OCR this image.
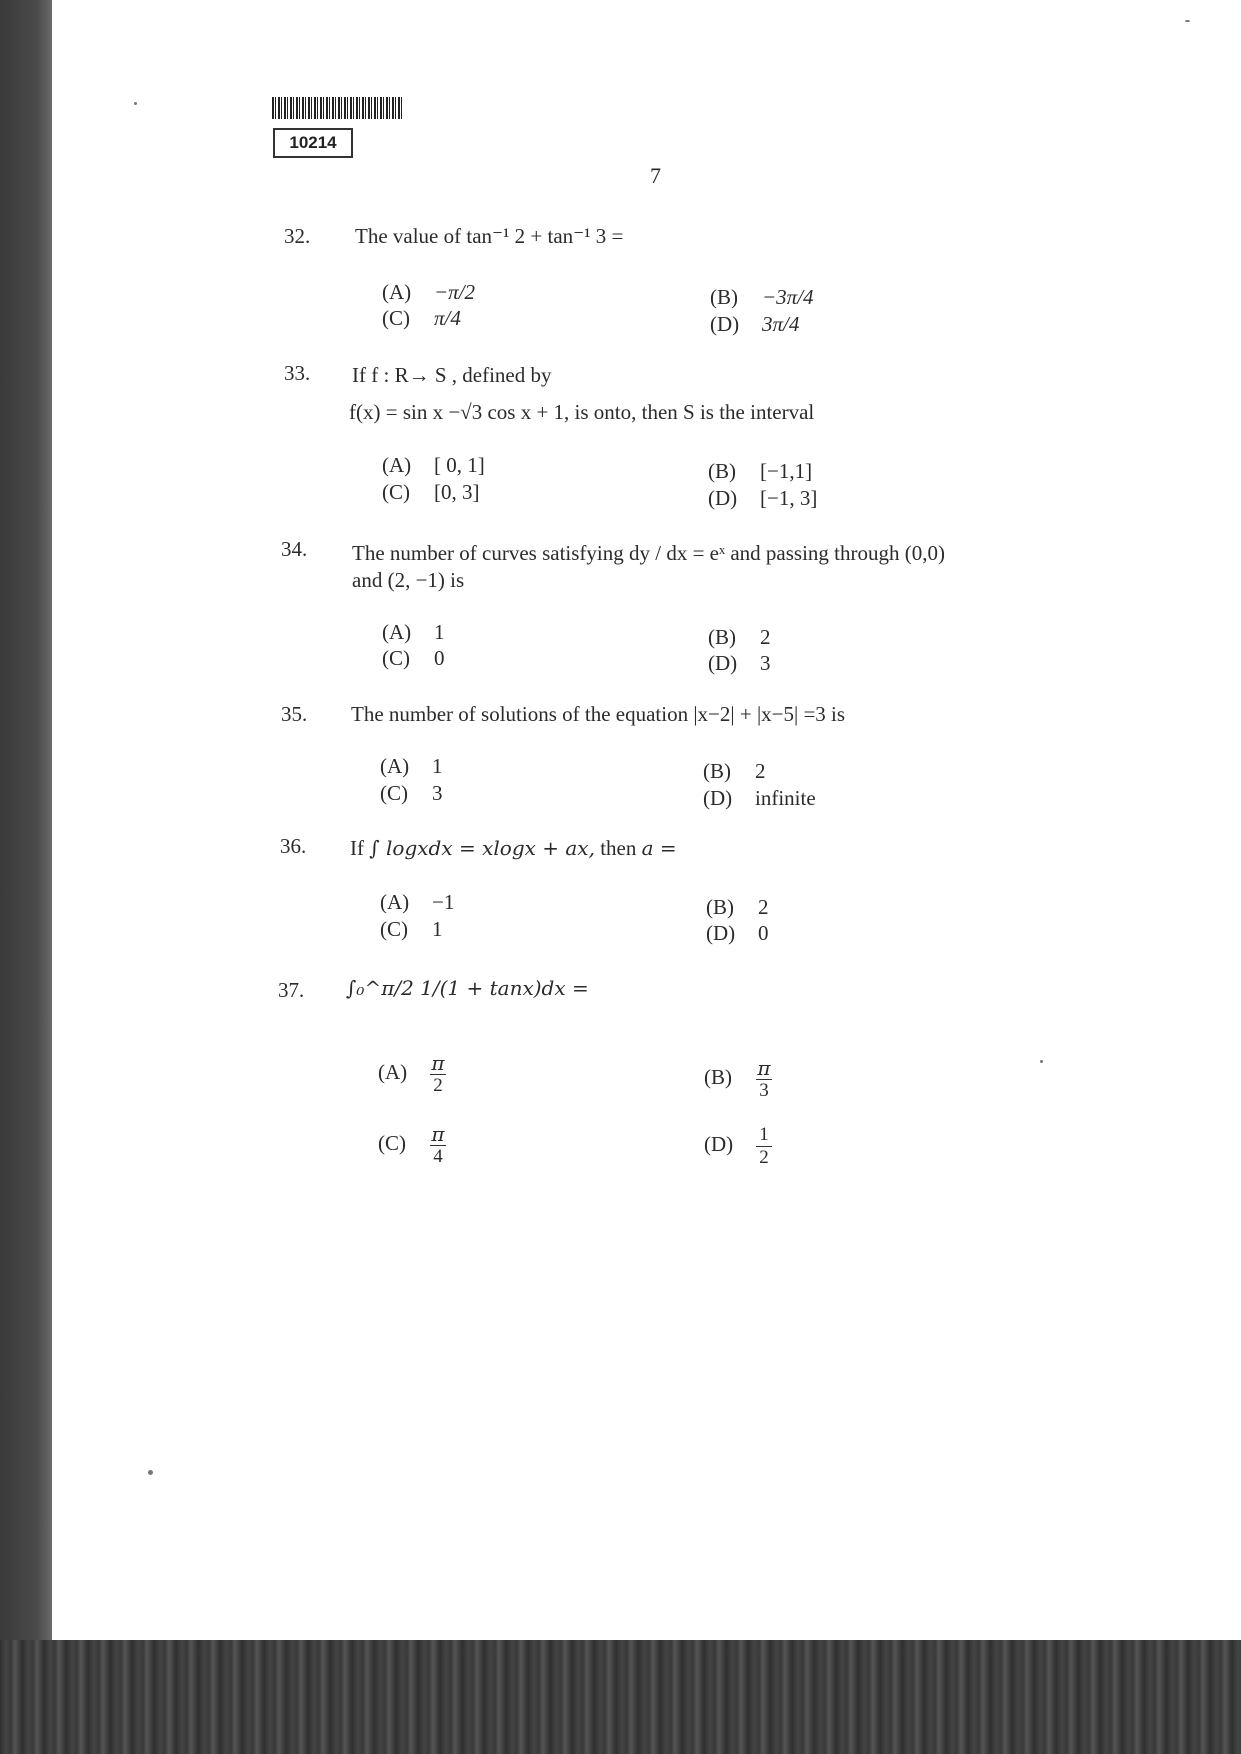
10214
7
32. The value of tan⁻¹ 2 + tan⁻¹ 3 =
(A) −π/2	(B) −3π/4
(C) π/4	(D) 3π/4
33. If f : R→ S , defined by
f(x) = sin x −√3 cos x + 1, is onto, then S is the interval
(A) [ 0, 1]	(B) [−1,1]
(C) [0, 3]	(D) [−1, 3]
34. The number of curves satisfying dy / dx = eˣ and passing through (0,0)
and (2, −1) is
(A) 1	(B) 2
(C) 0	(D) 3
35. The number of solutions of the equation |x−2| + |x−5| =3 is
(A) 1	(B) 2
(C) 3	(D) infinite
36. If ∫ logxdx = xlogx + ax, then a =
(A) −1	(B) 2
(C) 1	(D) 0
37. ∫₀^π/2 1/(1 + tanx)dx =
$(A) \frac{\pi}{2}$	$(B) \frac{\pi}{3}$
$(C) \frac{\pi}{4}$	$(D) \frac{1}{2}$
